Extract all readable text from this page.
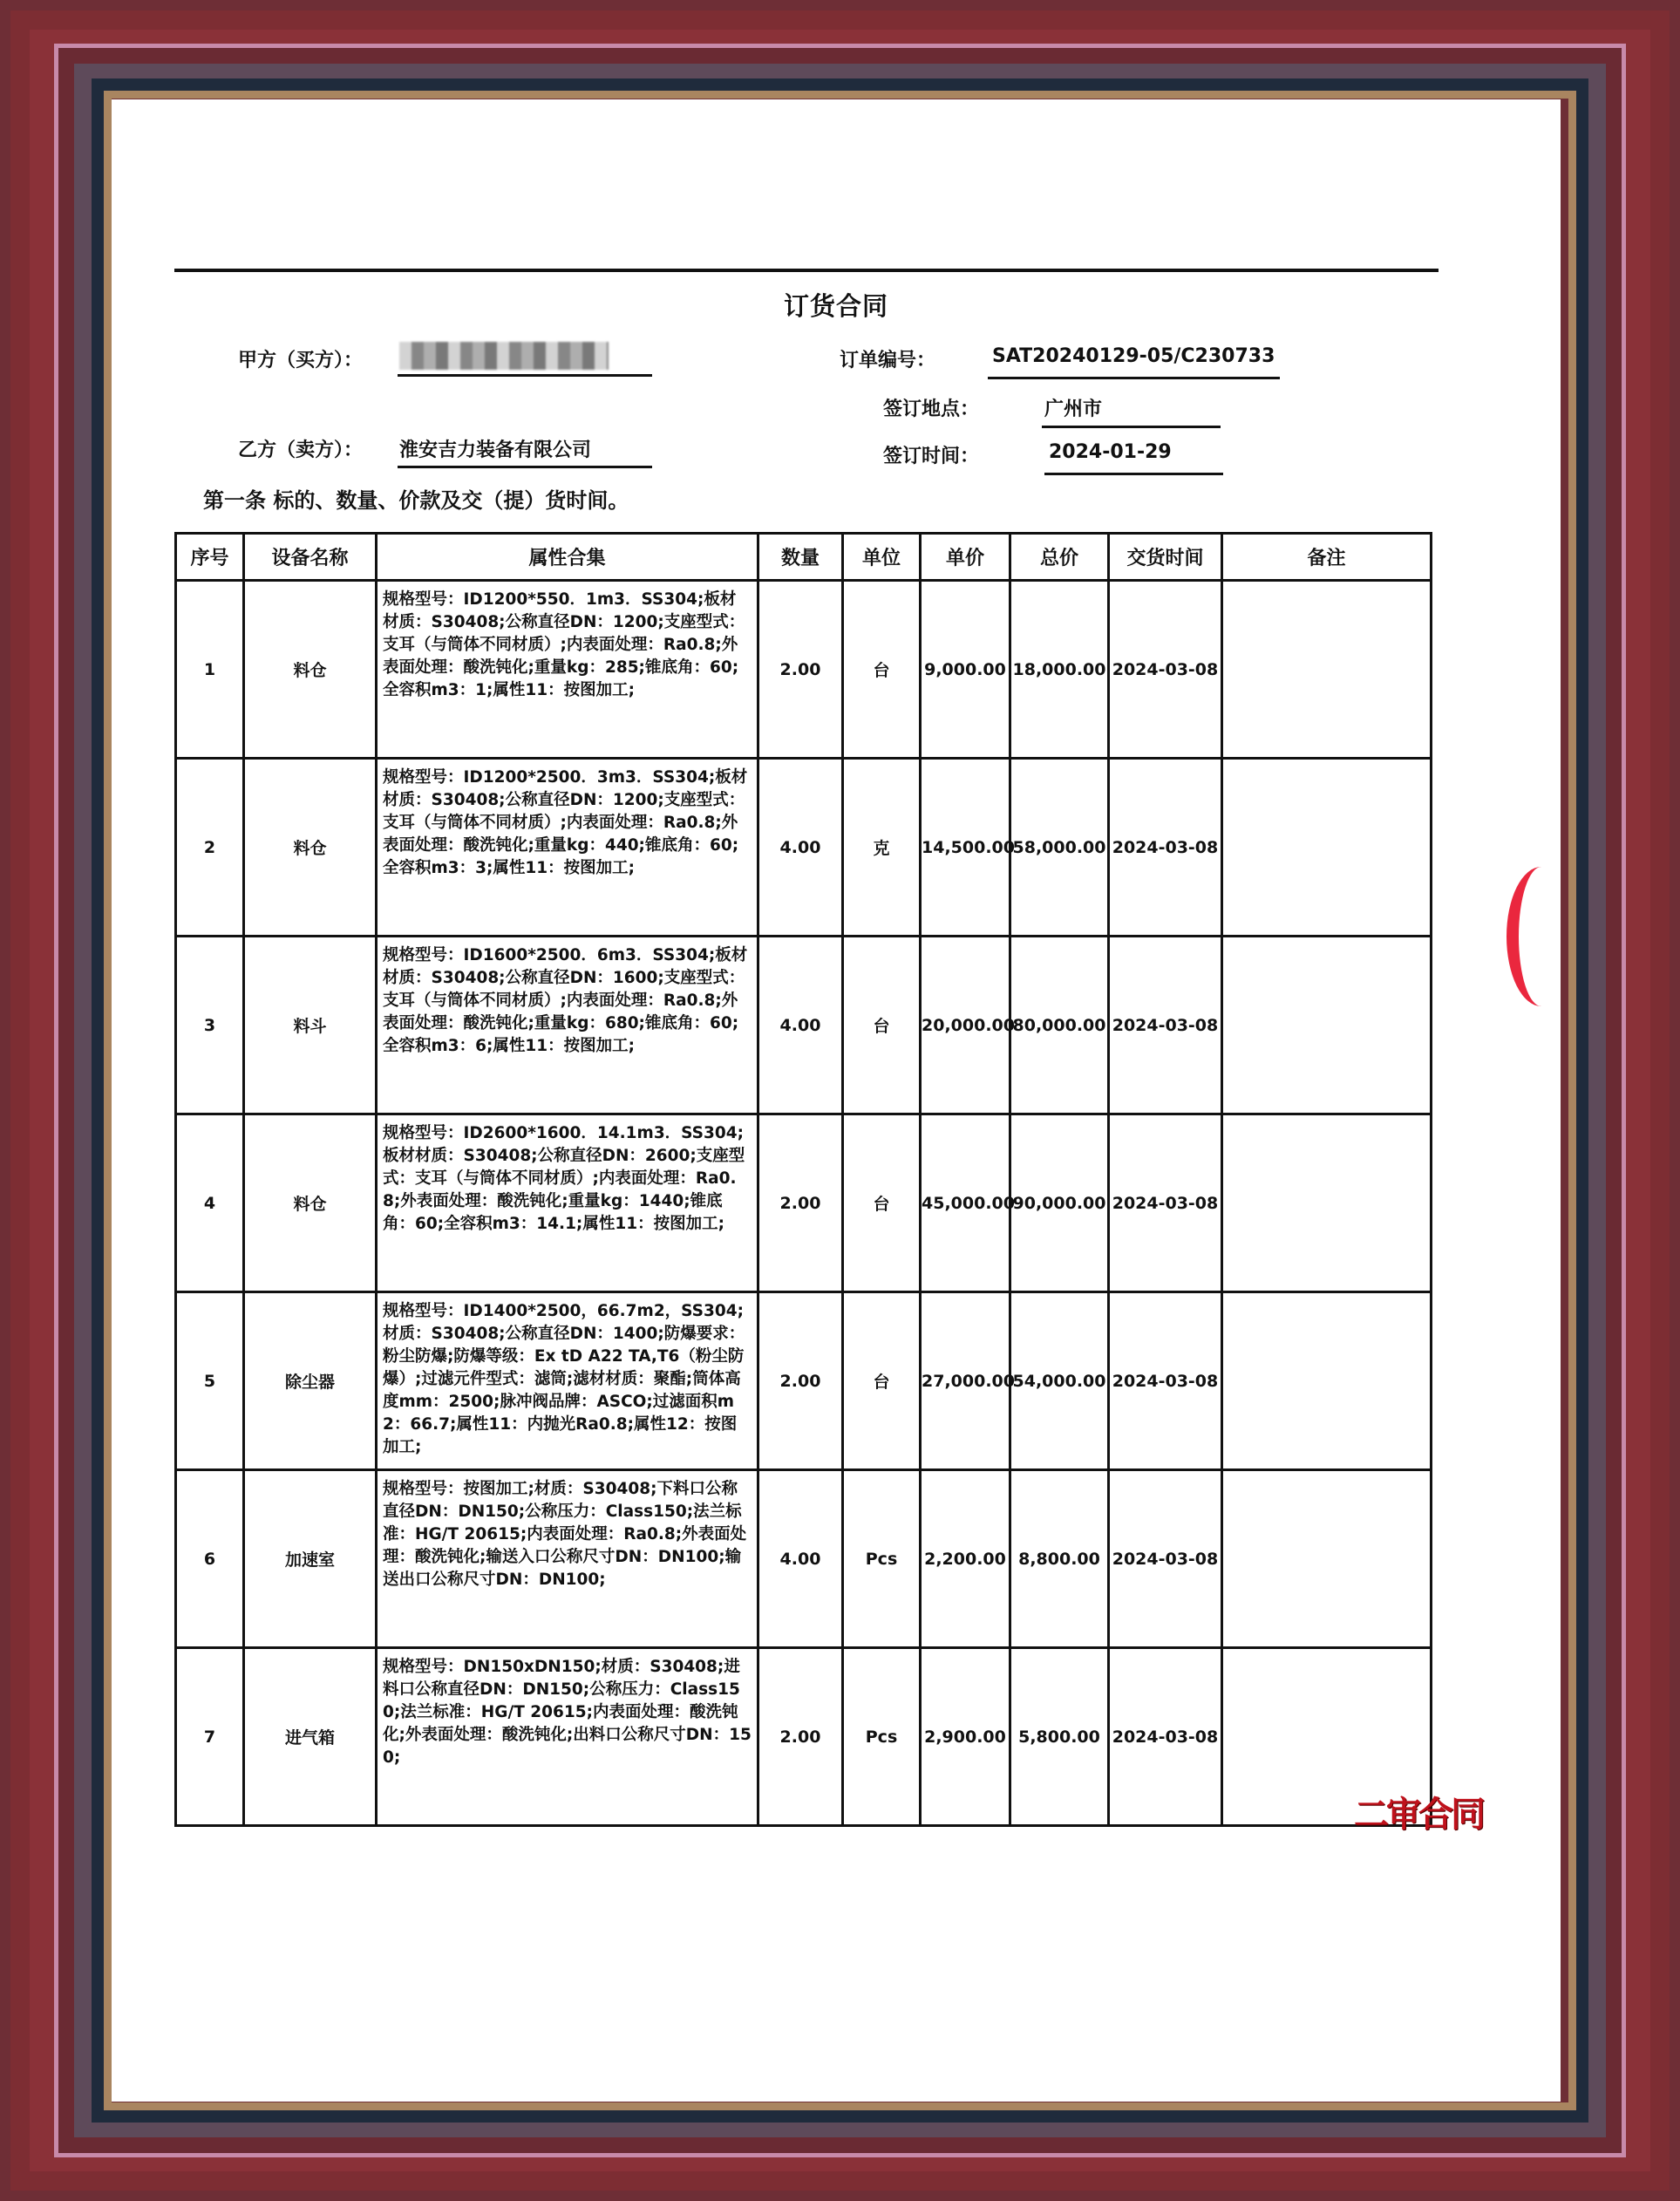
订货合同
甲方（买方）：	订单编号：	SAT20240129-05/C230733
签订地点：	广州市
乙方（卖方）： 淮安吉力装备有限公司	签订时间：	2024-01-29
第一条 标的、数量、价款及交（提）货时间。
序号	设备名称	属性合集	数量	单位	单价	总价	交货时间	备注
1	料仓	规格型号：ID1200*550．1m3．SS304;板材材质：S30408;公称直径DN：1200;支座型式：支耳（与筒体不同材质）;内表面处理：Ra0.8;外表面处理：酸洗钝化;重量kg：285;锥底角：60;全容积m3：1;属性11：按图加工;	2.00	台	9,000.00	18,000.00	2024-03-08	
2	料仓	规格型号：ID1200*2500．3m3．SS304;板材材质：S30408;公称直径DN：1200;支座型式：支耳（与筒体不同材质）;内表面处理：Ra0.8;外表面处理：酸洗钝化;重量kg：440;锥底角：60;全容积m3：3;属性11：按图加工;	4.00	克	14,500.00	58,000.00	2024-03-08	
3	料斗	规格型号：ID1600*2500．6m3．SS304;板材材质：S30408;公称直径DN：1600;支座型式：支耳（与筒体不同材质）;内表面处理：Ra0.8;外表面处理：酸洗钝化;重量kg：680;锥底角：60;全容积m3：6;属性11：按图加工;	4.00	台	20,000.00	80,000.00	2024-03-08	
4	料仓	规格型号：ID2600*1600．14.1m3．SS304;板材材质：S30408;公称直径DN：2600;支座型式：支耳（与筒体不同材质）;内表面处理：Ra0.8;外表面处理：酸洗钝化;重量kg：1440;锥底角：60;全容积m3：14.1;属性11：按图加工;	2.00	台	45,000.00	90,000.00	2024-03-08	
5	除尘器	规格型号：ID1400*2500，66.7m2，SS304;材质：S30408;公称直径DN：1400;防爆要求：粉尘防爆;防爆等级：Ex tD A22 TA,T6（粉尘防爆）;过滤元件型式：滤筒;滤材材质：聚酯;筒体高度mm：2500;脉冲阀品牌：ASCO;过滤面积m2：66.7;属性11：内抛光Ra0.8;属性12：按图加工;	2.00	台	27,000.00	54,000.00	2024-03-08	
6	加速室	规格型号：按图加工;材质：S30408;下料口公称直径DN：DN150;公称压力：Class150;法兰标准：HG/T 20615;内表面处理：Ra0.8;外表面处理：酸洗钝化;输送入口公称尺寸DN：DN100;输送出口公称尺寸DN：DN100;	4.00	Pcs	2,200.00	8,800.00	2024-03-08	
7	进气箱	规格型号：DN150xDN150;材质：S30408;进料口公称直径DN：DN150;公称压力：Class150;法兰标准：HG/T 20615;内表面处理：酸洗钝化;外表面处理：酸洗钝化;出料口公称尺寸DN：150;	2.00	Pcs	2,900.00	5,800.00	2024-03-08	
二审合同
